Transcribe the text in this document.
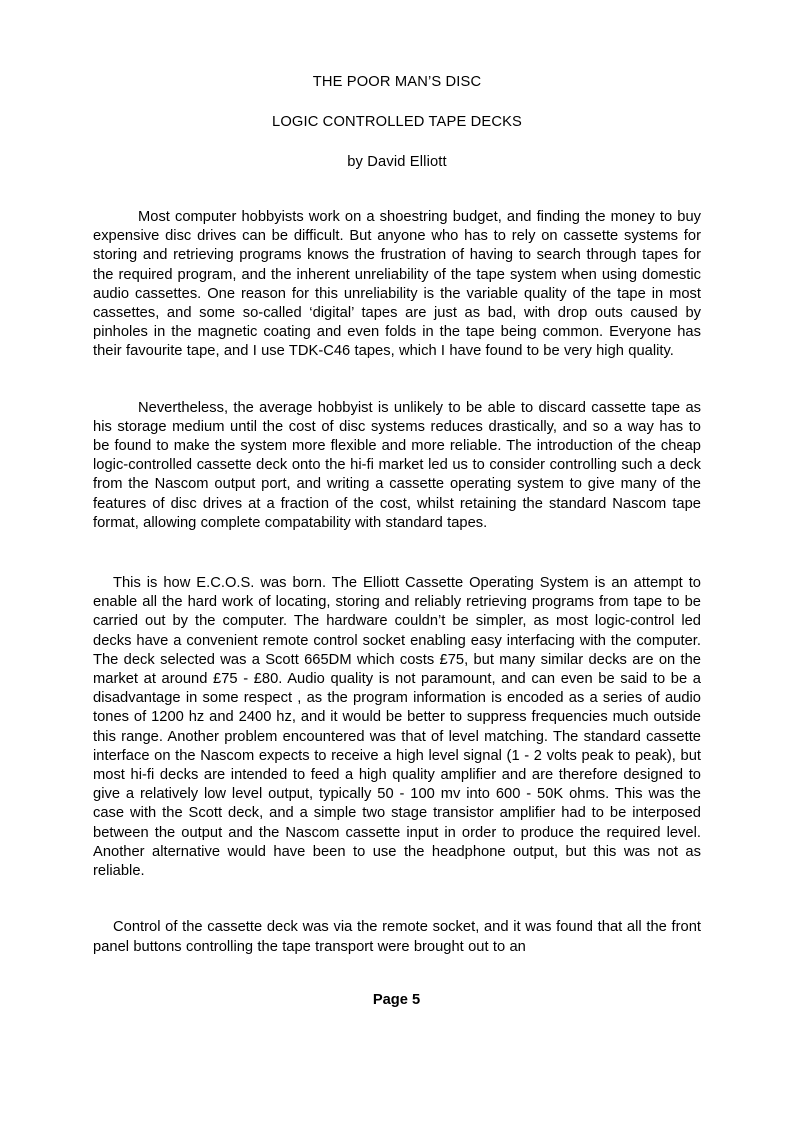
THE POOR MAN’S DISC
LOGIC CONTROLLED TAPE DECKS
by David Elliott

Most computer hobbyists work on a shoestring budget, and finding the money to buy expensive disc drives can be difficult. But anyone who has to rely on cassette systems for storing and retrieving programs knows the frustration of having to search through tapes for the required program, and the inherent unreliability of the tape system when using domestic audio cassettes. One reason for this unreliability is the variable quality of the tape in most cassettes, and some so-called ‘digital’ tapes are just as bad, with drop outs caused by pinholes in the magnetic coating and even folds in the tape being common. Everyone has their favourite tape, and I use TDK-C46 tapes, which I have found to be very high quality.

Nevertheless, the average hobbyist is unlikely to be able to discard cassette tape as his storage medium until the cost of disc systems reduces drastically, and so a way has to be found to make the system more flexible and more reliable. The introduction of the cheap logic-controlled cassette deck onto the hi-fi market led us to consider controlling such a deck from the Nascom output port, and writing a cassette operating system to give many of the features of disc drives at a fraction of the cost, whilst retaining the standard Nascom tape format, allowing complete compatability with standard tapes.

This is how E.C.O.S. was born. The Elliott Cassette Operating System is an attempt to enable all the hard work of locating, storing and reliably retrieving programs from tape to be carried out by the computer. The hardware couldn’t be simpler, as most logic-control led decks have a convenient remote control socket enabling easy interfacing with the computer. The deck selected was a Scott 665DM which costs £75, but many similar decks are on the market at around £75 - £80. Audio quality is not paramount, and can even be said to be a disadvantage in some respect , as the program information is encoded as a series of audio tones of 1200 hz and 2400 hz, and it would be better to suppress frequencies much outside this range. Another problem encountered was that of level matching. The standard cassette interface on the Nascom expects to receive a high level signal (1 - 2 volts peak to peak), but most hi-fi decks are intended to feed a high quality amplifier and are therefore designed to give a relatively low level output, typically 50 - 100 mv into 600 - 50K ohms. This was the case with the Scott deck, and a simple two stage transistor amplifier had to be interposed between the output and the Nascom cassette input in order to produce the required level. Another alternative would have been to use the headphone output, but this was not as reliable.

Control of the cassette deck was via the remote socket, and it was found that all the front panel buttons controlling the tape transport were brought out to an

Page 5
